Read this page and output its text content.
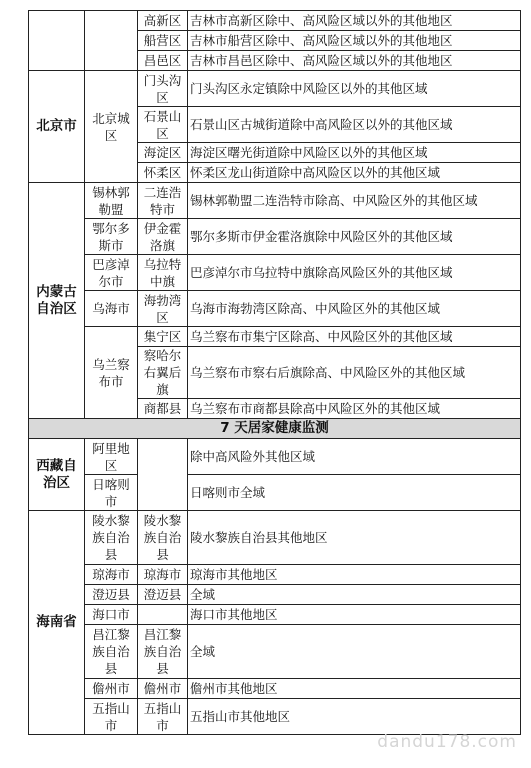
		高新区	吉林市高新区除中、高风险区域以外的其他地区
		船营区	吉林市船营区除中、高风险区域以外的其他地区
		昌邑区	吉林市昌邑区除中、高风险区域以外的其他地区
北京市	北京城区	门头沟区	门头沟区永定镇除中风险区以外的其他区域
		石景山区	石景山区古城街道除中高风险区以外的其他区域
		海淀区	海淀区曙光街道除中风险区以外的其他区域
		怀柔区	怀柔区龙山街道除中高风险区以外的其他区域
内蒙古自治区	锡林郭勒盟	二连浩特市	锡林郭勒盟二连浩特市除高、中风险区外的其他区域
	鄂尔多斯市	伊金霍洛旗	鄂尔多斯市伊金霍洛旗除中风险区外的其他区域
	巴彦淖尔市	乌拉特中旗	巴彦淖尔市乌拉特中旗除高风险区外的其他区域
	乌海市	海勃湾区	乌海市海勃湾区除高、中风险区外的其他区域
	乌兰察布市	集宁区	乌兰察布市集宁区除高、中风险区外的其他区域
		察哈尔右翼后旗	乌兰察布市察右后旗除高、中风险区外的其他区域
		商都县	乌兰察布市商都县除高中风险区外的其他区域
7 天居家健康监测			
西藏自治区	阿里地区		除中高风险外其他区域
	日喀则市		日喀则市全域
海南省	陵水黎族自治县	陵水黎族自治县	陵水黎族自治县其他地区
	琼海市	琼海市	琼海市其他地区
	澄迈县	澄迈县	全域
	海口市		海口市其他地区
	昌江黎族自治县	昌江黎族自治县	全域
	儋州市	儋州市	儋州市其他地区
	五指山市	五指山市	五指山市其他地区
dandu178.com
